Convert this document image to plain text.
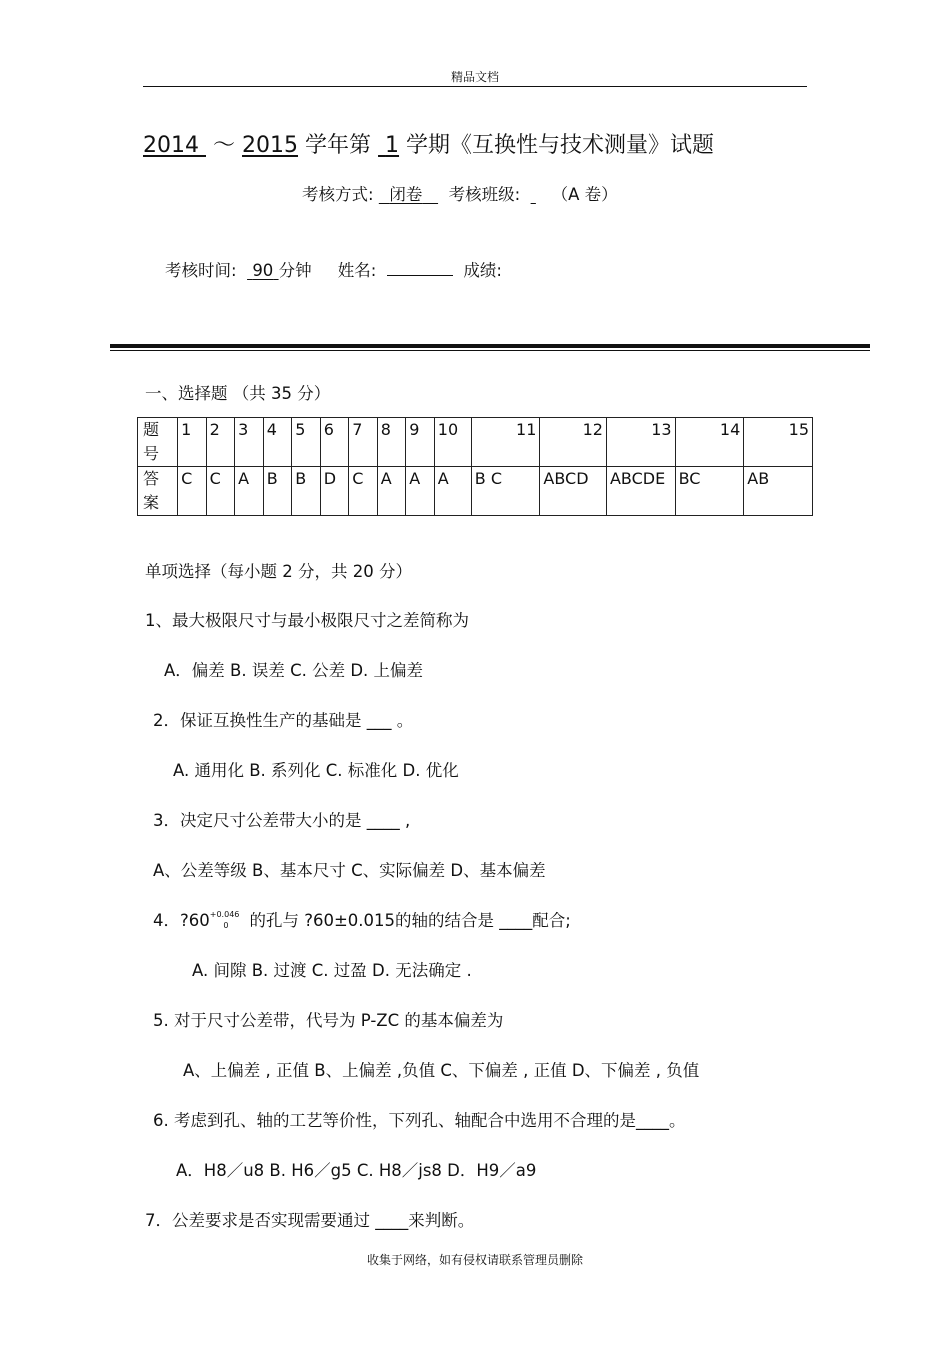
精品文档
2014 ～ 2015 学年第 1 学期《互换性与技术测量》试题
考核方式: 闭卷 考核班级: （A 卷）
考核时间: 90 分钟 姓名:	成绩:
一、选择题 （共 35 分）
题
号	1	2	3	4	5	6	7	8	9	10	11	12	13	14	15

答
案	C	C	A	B	B	D	C	A	A	A	B C	ABCD	ABCDE	BC	AB
单项选择（每小题 2 分，共 20 分）
1、最大极限尺寸与最小极限尺寸之差简称为
A．偏差 B. 误差 C. 公差 D. 上偏差
2．保证互换性生产的基础是 ___ 。
A. 通用化 B. 系列化 C. 标准化 D. 优化
3．决定尺寸公差带大小的是 ____ ,
A、公差等级 B、基本尺寸 C、实际偏差 D、基本偏差
4．$?60^{+0.046}0$ 的孔与 ?60±0.015的轴的结合是 ____配合;
A. 间隙 B. 过渡 C. 过盈 D. 无法确定 .
5. 对于尺寸公差带，代号为 P-ZC 的基本偏差为
A、上偏差 , 正值 B、上偏差 ,负值 C、下偏差 , 正值 D、下偏差 , 负值
6. 考虑到孔、轴的工艺等价性，下列孔、轴配合中选用不合理的是____。
A．H8／u8 B. H6／g5 C. H8／js8 D．H9／a9
7．公差要求是否实现需要通过 ____来判断。
收集于网络，如有侵权请联系管理员删除
